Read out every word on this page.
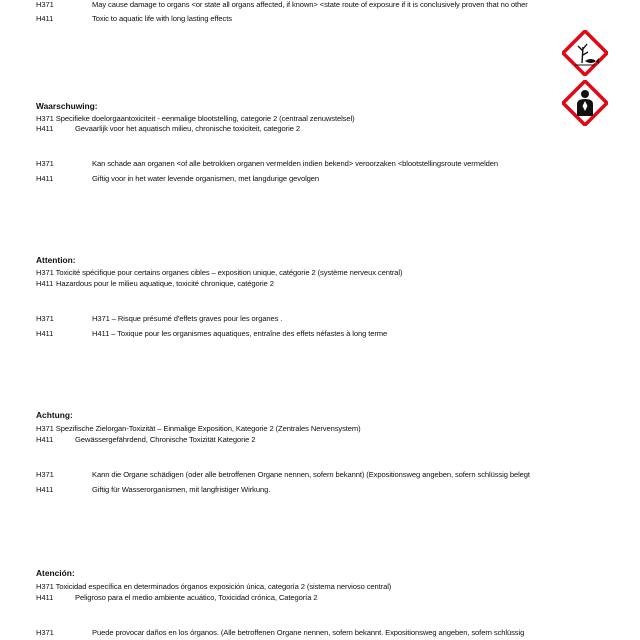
H371	May cause damage to organs <or state all organs affected, if known> <state route of exposure if it is conclusively proven that no other
H411	Toxic to aquatic life with long lasting effects
Waarschuwing:
H371 Specifieke doelorgaantoxiciteit - eenmalige blootstelling, categorie 2 (centraal zenuwstelsel)
H411	Gevaarlijk voor het aquatisch milieu, chronische toxiciteit, categorie 2
H371	Kan schade aan organen <of alle betrokken organen vermelden indien bekend> veroorzaken <blootstellingsroute vermelden
H411	Giftig voor in het water levende organismen, met langdurige gevolgen
Attention:
H371 Toxicité spécifique pour certains organes cibles – exposition unique, catégorie 2 (système nerveux central)
H411 Hazardous pour le milieu aquatique, toxicité chronique, catégorie 2
H371	H371 – Risque présumé d'effets graves pour les organes .
H411	H411 – Toxique pour les organismes aquatiques, entraîne des effets néfastes à long terme
Achtung:
H371 Spezifische Zielorgan-Toxizität – Einmalige Exposition, Kategorie 2 (Zentrales Nervensystem)
H411	Gewässergefährdend, Chronische Toxizität Kategorie 2
H371	Kann die Organe schädigen (oder alle betroffenen Organe nennen, sofern bekannt) (Expositionsweg angeben, sofern schlüssig belegt
H411	Giftig für Wasserorganismen, mit langfristiger Wirkung.
Atención:
H371 Toxicidad específica en determinados órganos exposición única, categoría 2 (sistema nervioso central)
H411	Peligroso para el medio ambiente acuático, Toxicidad crónica, Categoría 2
H371	Puede provocar daños en los órganos. (Alle betroffenen Organe nennen, sofern bekannt. Expositionsweg angeben, sofern schlüssig
